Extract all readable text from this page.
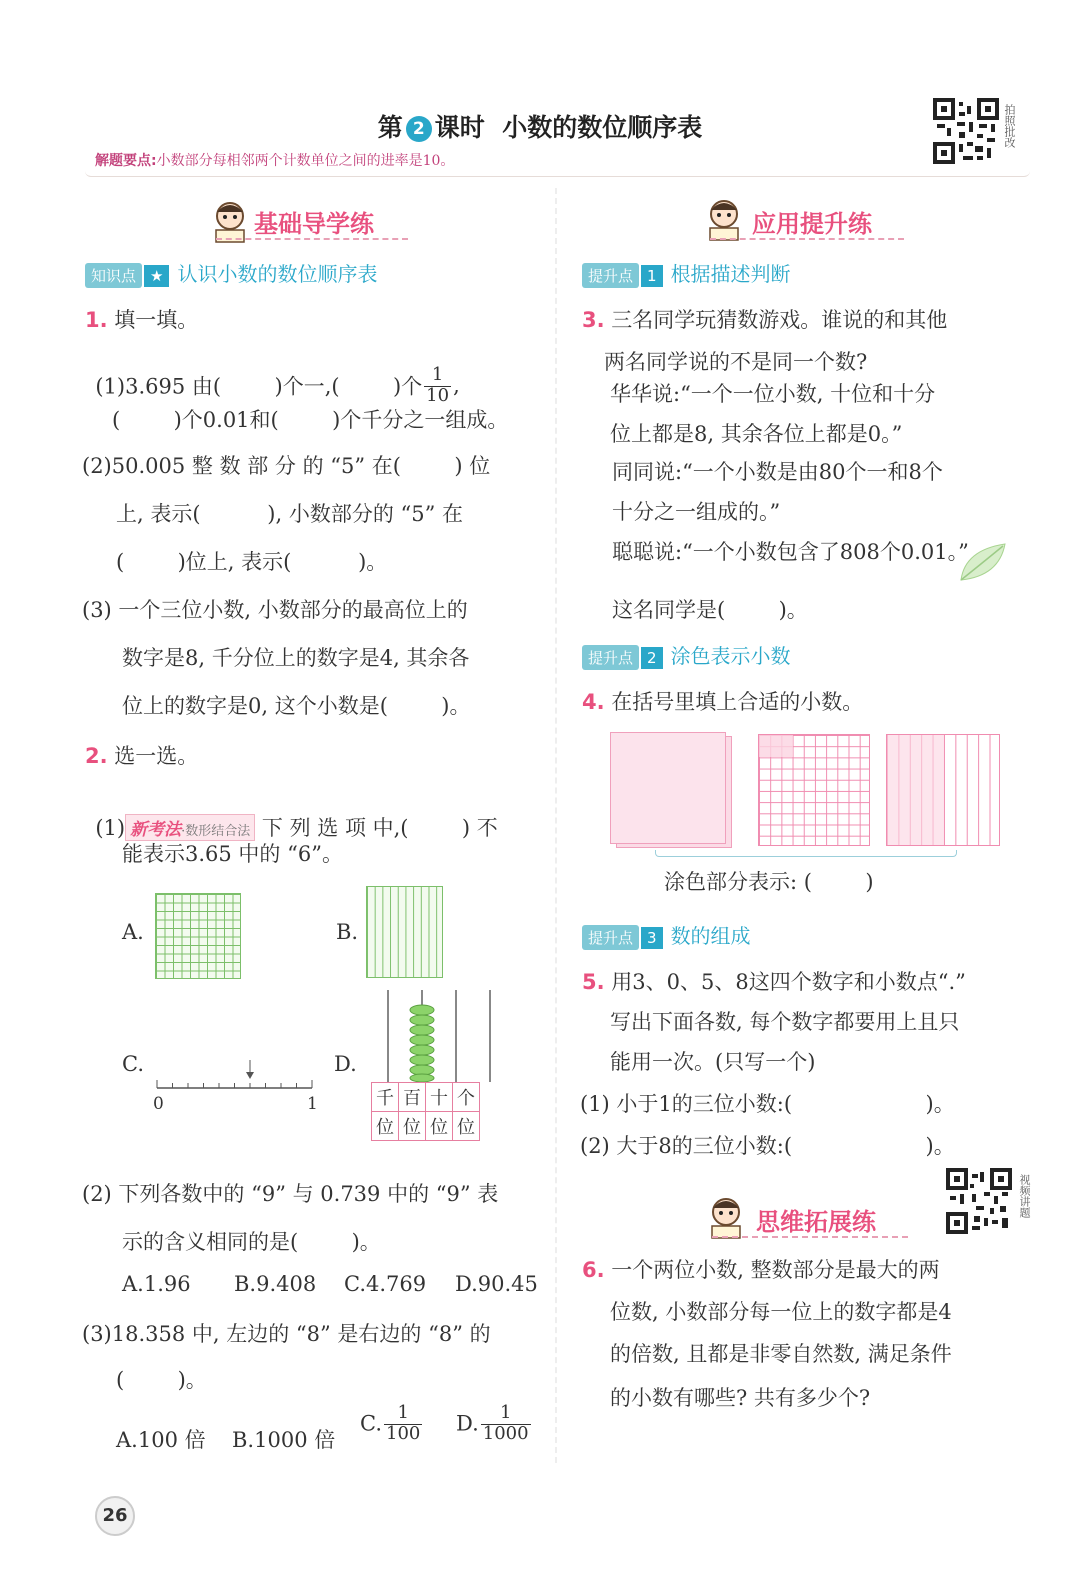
第 2 课时  小数的数位顺序表
解题要点:小数部分每相邻两个计数单位之间的进率是10。
拍照批改
基础导学练
知识点 ★ 认识小数的数位顺序表
1. 填一填。

(1)3.695 由(        )个一,(        )个 $\frac{1}{10}$ ,

(        )个0.01和(        )个千分之一组成。
(2)50.005 整 数 部 分 的 “5” 在(        ) 位
上, 表示(          ), 小数部分的 “5” 在
(        )位上, 表示(          )。
(3) 一个三位小数, 小数部分的最高位上的
数字是8, 千分位上的数字是4, 其余各
位上的数字是0, 这个小数是(        )。
2. 选一选。

(1) 新考法·数形结合法 下 列 选 项 中,(        ) 不

能表示3.65 中的 “6”。
A.	B.
C.
0	1
D.
千	百	十	个
位	位	位	位
(2) 下列各数中的 “9” 与 0.739 中的 “9” 表
示的含义相同的是(        )。
A.1.96 B.9.408 C.4.769 D.90.45
(3)18.358 中, 左边的 “8” 是右边的 “8” 的
(        )。
A.100 倍 B.1000 倍
C. $\frac{1}{100} D$. $\frac{1}{1000}$
应用提升练
提升点 1 根据描述判断
3. 三名同学玩猜数游戏。谁说的和其他
两名同学说的不是同一个数?
华华说:“一个一位小数, 十位和十分
位上都是8, 其余各位上都是0。”
同同说:“一个小数是由80个一和8个
十分之一组成的。”
聪聪说:“一个小数包含了808个0.01。”
这名同学是(        )。
提升点 2 涂色表示小数
4. 在括号里填上合适的小数。
涂色部分表示: (        )
提升点 3 数的组成
5. 用3、0、5、8这四个数字和小数点“.”
写出下面各数, 每个数字都要用上且只
能用一次。(只写一个)
(1) 小于1的三位小数:(                    )。
(2) 大于8的三位小数:(                    )。
视频讲题
思维拓展练
6. 一个两位小数, 整数部分是最大的两
位数, 小数部分每一位上的数字都是4
的倍数, 且都是非零自然数, 满足条件
的小数有哪些? 共有多少个?
26
